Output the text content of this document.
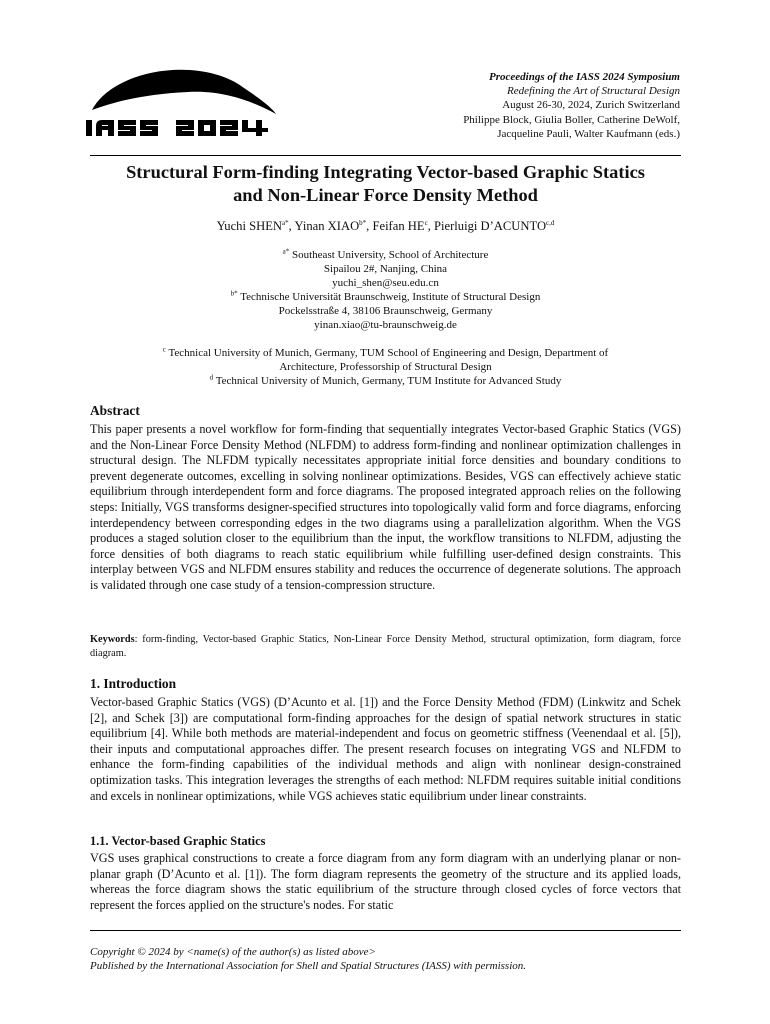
Proceedings of the IASS 2024 Symposium
Redefining the Art of Structural Design
August 26-30, 2024, Zurich Switzerland
Philippe Block, Giulia Boller, Catherine DeWolf,
Jacqueline Pauli, Walter Kaufmann (eds.)
Structural Form-finding Integrating Vector-based Graphic Statics
and Non-Linear Force Density Method
Yuchi $SHEN^{a*}$, Yinan $XIAO^{b*}$, Feifan $HE^c$, Pierluigi D’ACUNTO$^{c,d}$
$^{a*}$ Southeast University, School of Architecture
Sipailou 2#, Nanjing, China
yuchi_shen@seu.edu.cn
$^{b*}$ Technische Universität Braunschweig, Institute of Structural Design
Pockelsstraße 4, 38106 Braunschweig, Germany
yinan.xiao@tu-braunschweig.de
$^c$ Technical University of Munich, Germany, TUM School of Engineering and Design, Department of
Architecture, Professorship of Structural Design
$^d$ Technical University of Munich, Germany, TUM Institute for Advanced Study
Abstract

This paper presents a novel workflow for form-finding that sequentially integrates Vector-based Graphic Statics (VGS) and the Non-Linear Force Density Method (NLFDM) to address form-finding and nonlinear optimization challenges in structural design. The NLFDM typically necessitates appropriate initial force densities and boundary conditions to prevent degenerate outcomes, excelling in solving nonlinear optimizations. Besides, VGS can effectively achieve static equilibrium through interdependent form and force diagrams. The proposed integrated approach relies on the following steps: Initially, VGS transforms designer-specified structures into topologically valid form and force diagrams, enforcing interdependency between corresponding edges in the two diagrams using a parallelization algorithm. When the VGS produces a staged solution closer to the equilibrium than the input, the workflow transitions to NLFDM, adjusting the force densities of both diagrams to reach static equilibrium while fulfilling user-defined design constraints. This interplay between VGS and NLFDM ensures stability and reduces the occurrence of degenerate solutions. The approach is validated through one case study of a tension-compression structure.

Keywords: form-finding, Vector-based Graphic Statics, Non-Linear Force Density Method, structural optimization, form diagram, force diagram.

1. Introduction

Vector-based Graphic Statics (VGS) (D’Acunto et al. [1]) and the Force Density Method (FDM) (Linkwitz and Schek [2], and Schek [3]) are computational form-finding approaches for the design of spatial network structures in static equilibrium [4]. While both methods are material-independent and focus on geometric stiffness (Veenendaal et al. [5]), their inputs and computational approaches differ. The present research focuses on integrating VGS and NLFDM to enhance the form-finding capabilities of the individual methods and align with nonlinear design-constrained optimization tasks. This integration leverages the strengths of each method: NLFDM requires suitable initial conditions and excels in nonlinear optimizations, while VGS achieves static equilibrium under linear constraints.

1.1. Vector-based Graphic Statics

VGS uses graphical constructions to create a force diagram from any form diagram with an underlying planar or non-planar graph (D’Acunto et al. [1]). The form diagram represents the geometry of the structure and its applied loads, whereas the force diagram shows the static equilibrium of the structure through closed cycles of force vectors that represent the forces applied on the structure's nodes. For static

Copyright © 2024 by <name(s) of the author(s) as listed above>
Published by the International Association for Shell and Spatial Structures (IASS) with permission.
